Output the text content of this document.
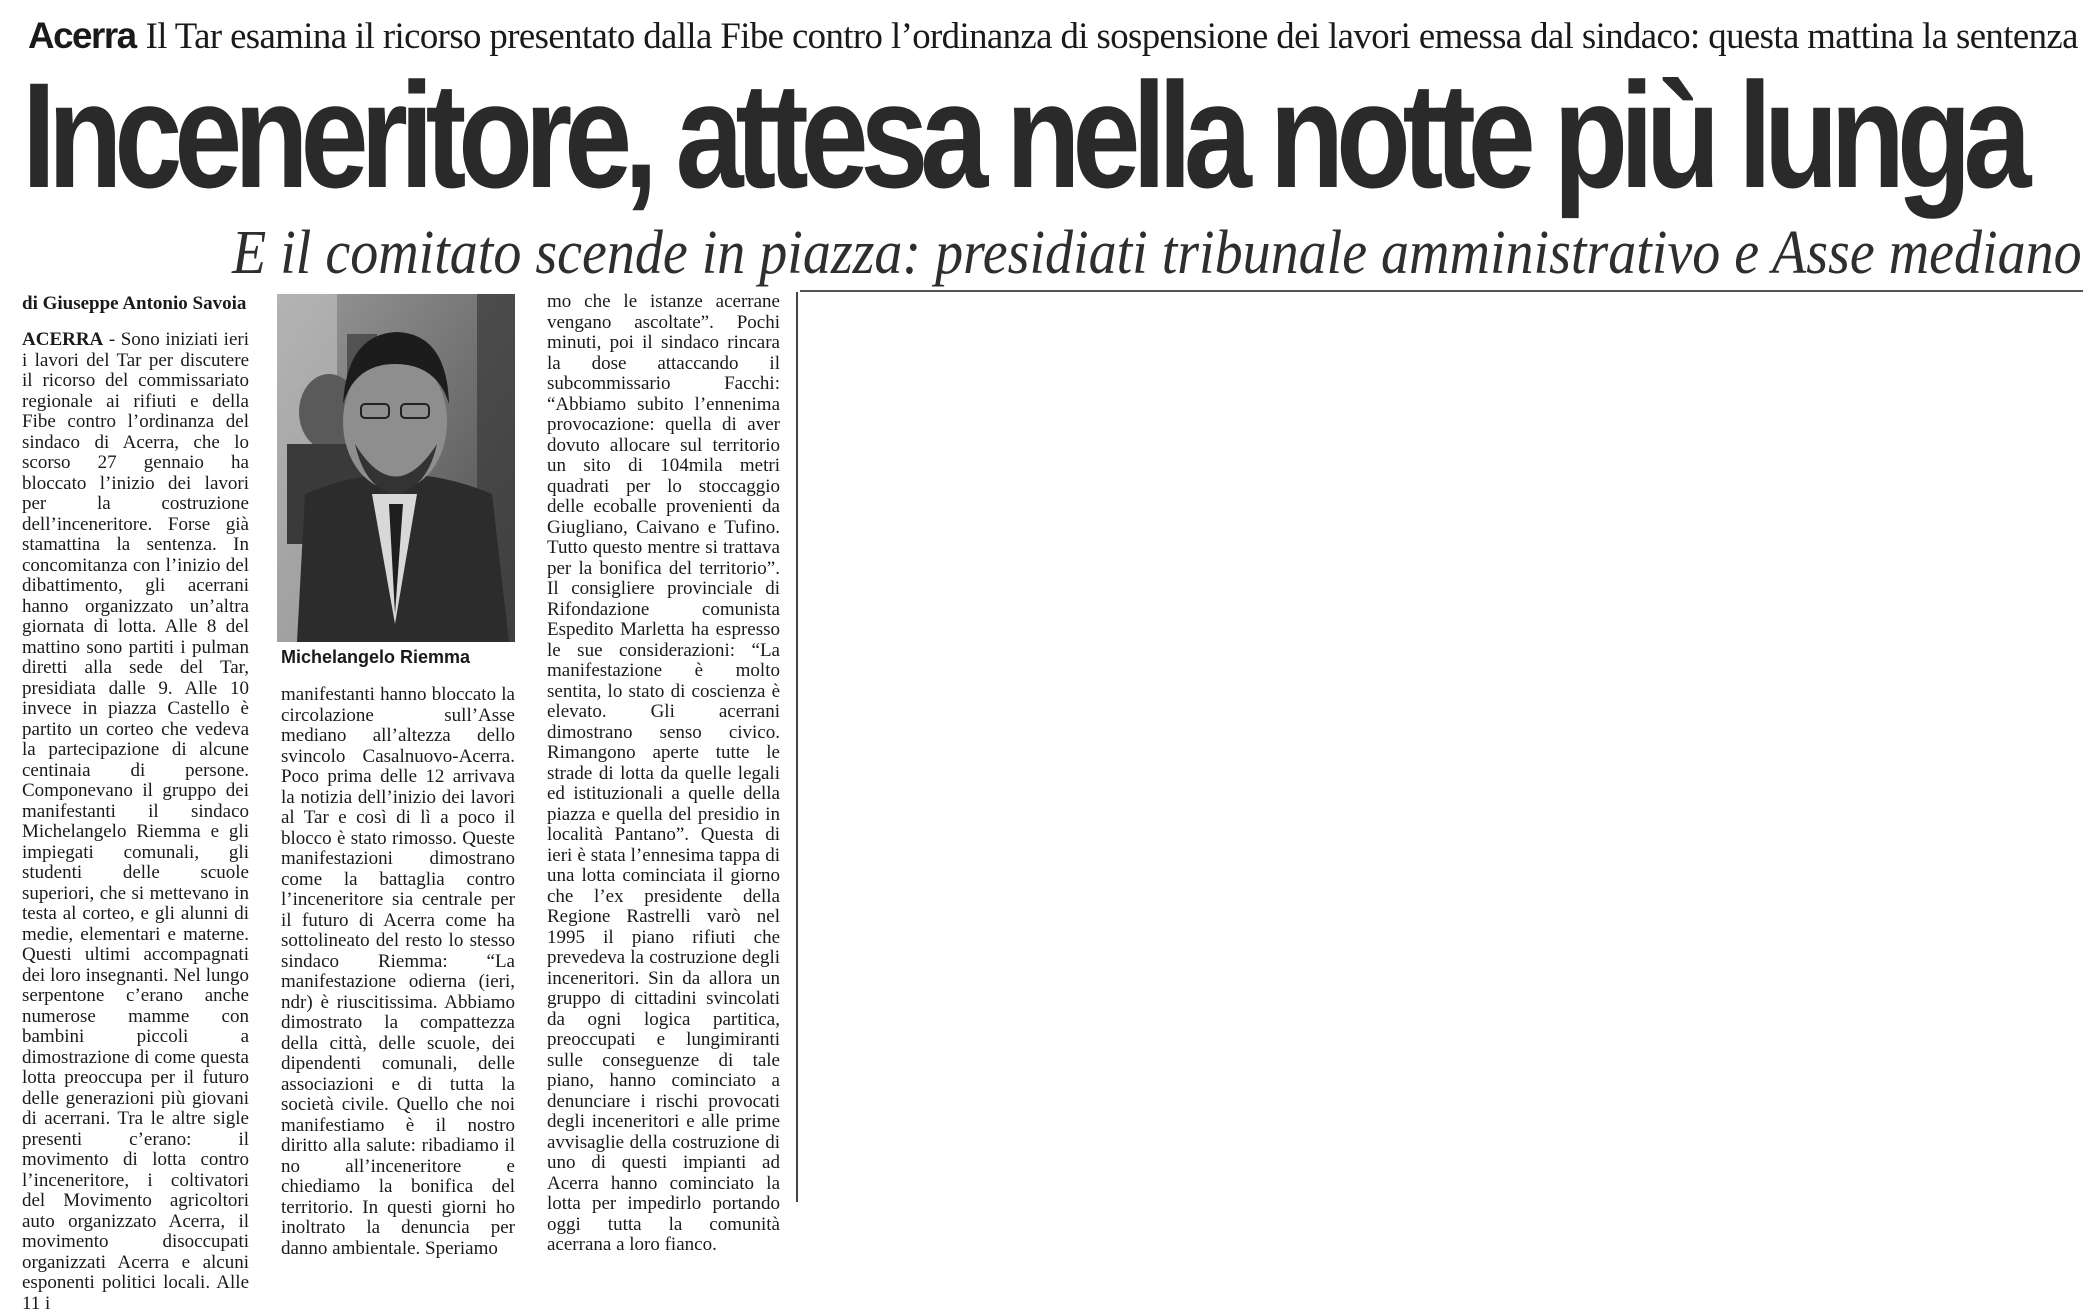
Acerra Il Tar esamina il ricorso presentato dalla Fibe contro l’ordinanza di sospensione dei lavori emessa dal sindaco: questa mattina la sentenza
Inceneritore, attesa nella notte più lunga
E il comitato scende in piazza: presidiati tribunale amministrativo e Asse mediano
di Giuseppe Antonio Savoia
ACERRA - Sono iniziati ieri i lavori del Tar per discutere il ricorso del commissariato regionale ai rifiuti e della Fibe contro l’ordinanza del sindaco di Acerra, che lo scorso 27 gennaio ha bloccato l’inizio dei lavori per la costruzione dell’inceneritore. Forse già stamattina la sentenza. In concomitanza con l’inizio del dibattimento, gli acerrani hanno organizzato un’altra giornata di lotta. Alle 8 del mattino sono partiti i pulman diretti alla sede del Tar, presidiata dalle 9. Alle 10 invece in piazza Castello è partito un corteo che vedeva la partecipazione di alcune centinaia di persone. Componevano il gruppo dei manifestanti il sindaco Michelangelo Riemma e gli impiegati comunali, gli studenti delle scuole superiori, che si mettevano in testa al corteo, e gli alunni di medie, elementari e materne. Questi ultimi accompagnati dei loro insegnanti. Nel lungo serpentone c’erano anche numerose mamme con bambini piccoli a dimostrazione di come questa lotta preoccupa per il futuro delle generazioni più giovani di acerrani. Tra le altre sigle presenti c’erano: il movimento di lotta contro l’inceneritore, i coltivatori del Movimento agricoltori auto organizzato Acerra, il movimento disoccupati organizzati Acerra e alcuni esponenti politici locali. Alle 11 i
Michelangelo Riemma
manifestanti hanno bloccato la circolazione sull’Asse mediano all’altezza dello svincolo Casalnuovo-Acerra. Poco prima delle 12 arrivava la notizia dell’inizio dei lavori al Tar e così di lì a poco il blocco è stato rimosso. Queste manifestazioni dimostrano come la battaglia contro l’inceneritore sia centrale per il futuro di Acerra come ha sottolineato del resto lo stesso sindaco Riemma: “La manifestazione odierna (ieri, ndr) è riuscitissima. Abbiamo dimostrato la compattezza della città, delle scuole, dei dipendenti comunali, delle associazioni e di tutta la società civile. Quello che noi manifestiamo è il nostro diritto alla salute: ribadiamo il no all’inceneritore e chiediamo la bonifica del territorio. In questi giorni ho inoltrato la denuncia per danno ambientale. Speriamo
mo che le istanze acerrane vengano ascoltate”. Pochi minuti, poi il sindaco rincara la dose attaccando il subcommissario Facchi: “Abbiamo subito l’ennenima provocazione: quella di aver dovuto allocare sul territorio un sito di 104mila metri quadrati per lo stoccaggio delle ecoballe provenienti da Giugliano, Caivano e Tufino. Tutto questo mentre si trattava per la bonifica del territorio”. Il consigliere provinciale di Rifondazione comunista Espedito Marletta ha espresso le sue considerazioni: “La manifestazione è molto sentita, lo stato di coscienza è elevato. Gli acerrani dimostrano senso civico. Rimangono aperte tutte le strade di lotta da quelle legali ed istituzionali a quelle della piazza e quella del presidio in località Pantano”. Questa di ieri è stata l’ennesima tappa di una lotta cominciata il giorno che l’ex presidente della Regione Rastrelli varò nel 1995 il piano rifiuti che prevedeva la costruzione degli inceneritori. Sin da allora un gruppo di cittadini svincolati da ogni logica partitica, preoccupati e lungimiranti sulle conseguenze di tale piano, hanno cominciato a denunciare i rischi provocati degli inceneritori e alle prime avvisaglie della costruzione di uno di questi impianti ad Acerra hanno cominciato la lotta per impedirlo portando oggi tutta la comunità acerrana a loro fianco.
